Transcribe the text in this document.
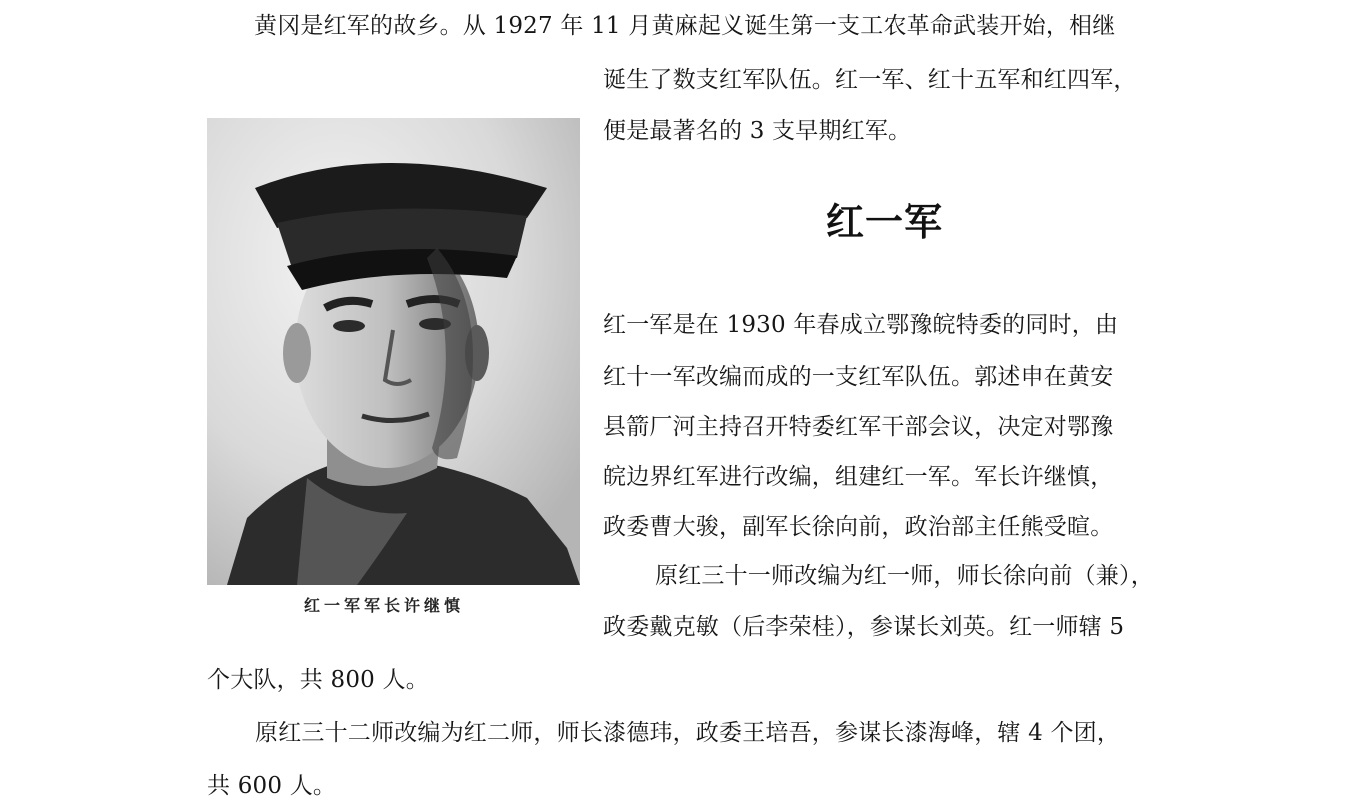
黄冈是红军的故乡。从 1927 年 11 月黄麻起义诞生第一支工农革命武装开始，相继
诞生了数支红军队伍。红一军、红十五军和红四军，
便是最著名的 3 支早期红军。
红一军
红一军军长许继慎
红一军是在 1930 年春成立鄂豫皖特委的同时，由
红十一军改编而成的一支红军队伍。郭述申在黄安
县箭厂河主持召开特委红军干部会议，决定对鄂豫
皖边界红军进行改编，组建红一军。军长许继慎，
政委曹大骏，副军长徐向前，政治部主任熊受暄。
原红三十一师改编为红一师，师长徐向前（兼），
政委戴克敏（后李荣桂），参谋长刘英。红一师辖 5
个大队，共 800 人。
原红三十二师改编为红二师，师长漆德玮，政委王培吾，参谋长漆海峰，辖 4 个团，
共 600 人。
